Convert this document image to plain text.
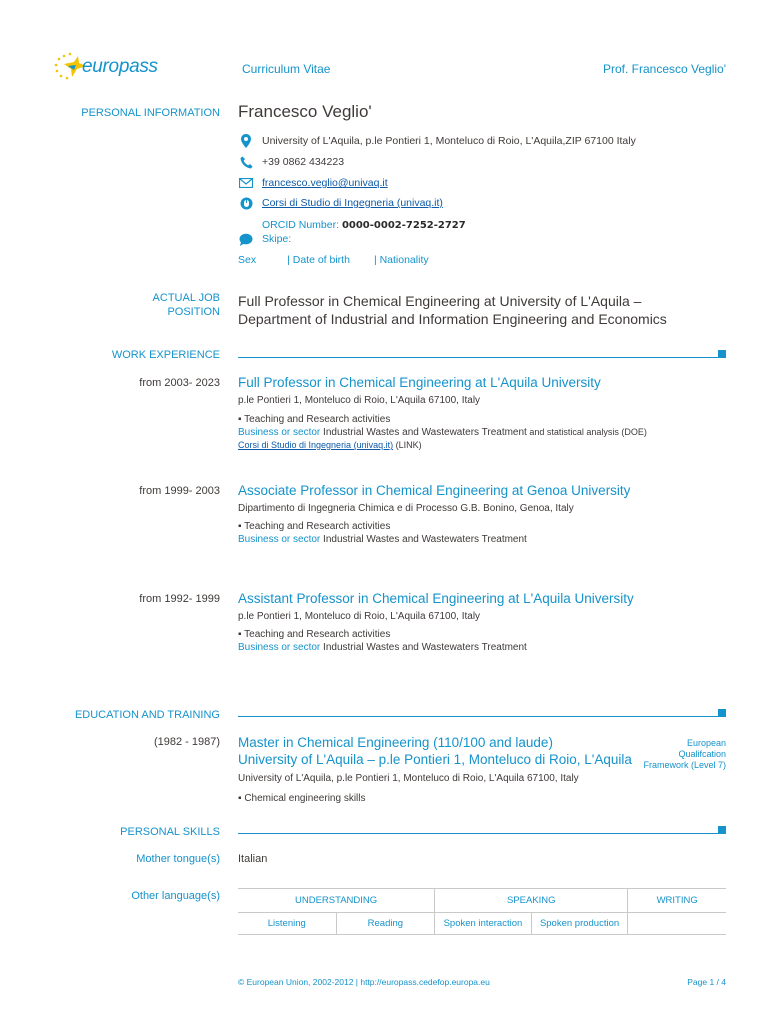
europass	Curriculum Vitae	Prof. Francesco Veglio'
PERSONAL INFORMATION Francesco Veglio'
University of L'Aquila, p.le Pontieri 1, Monteluco di Roio, L'Aquila,ZIP 67100 Italy
+39 0862 434223
francesco.veglio@univaq.it
Corsi di Studio di Ingegneria (univaq.it)
ORCID Number: 0000-0002-7252-2727
Skipe:
Sex	| Date of birth | Nationality
ACTUAL JOB
POSITION
Full Professor in Chemical Engineering at University of L'Aquila –
Department of Industrial and Information Engineering and Economics
WORK EXPERIENCE
from 2003- 2023 Full Professor in Chemical Engineering at L'Aquila University
p.le Pontieri 1, Monteluco di Roio, L'Aquila 67100, Italy
▪ Teaching and Research activities
Business or sector Industrial Wastes and Wastewaters Treatment and statistical analysis (DOE)
Corsi di Studio di Ingegneria (univaq.it) (LINK)
from 1999- 2003 Associate Professor in Chemical Engineering at Genoa University
Dipartimento di Ingegneria Chimica e di Processo G.B. Bonino, Genoa, Italy
▪ Teaching and Research activities
Business or sector Industrial Wastes and Wastewaters Treatment
from 1992- 1999 Assistant Professor in Chemical Engineering at L'Aquila University
p.le Pontieri 1, Monteluco di Roio, L'Aquila 67100, Italy
▪ Teaching and Research activities
Business or sector Industrial Wastes and Wastewaters Treatment
EDUCATION AND TRAINING
(1982 - 1987) Master in Chemical Engineering (110/100 and laude)
University of L'Aquila – p.le Pontieri 1, Monteluco di Roio, L'Aquila
European
Qualifcation
Framework (Level 7)
University of L'Aquila, p.le Pontieri 1, Monteluco di Roio, L'Aquila 67100, Italy
▪ Chemical engineering skills
PERSONAL SKILLS
Mother tongue(s) Italian
Other language(s)	UNDERSTANDING		SPEAKING		WRITING
Listening	Reading	Spoken interaction	Spoken production	
© European Union, 2002-2012 | http://europass.cedefop.europa.eu	Page 1 / 4
